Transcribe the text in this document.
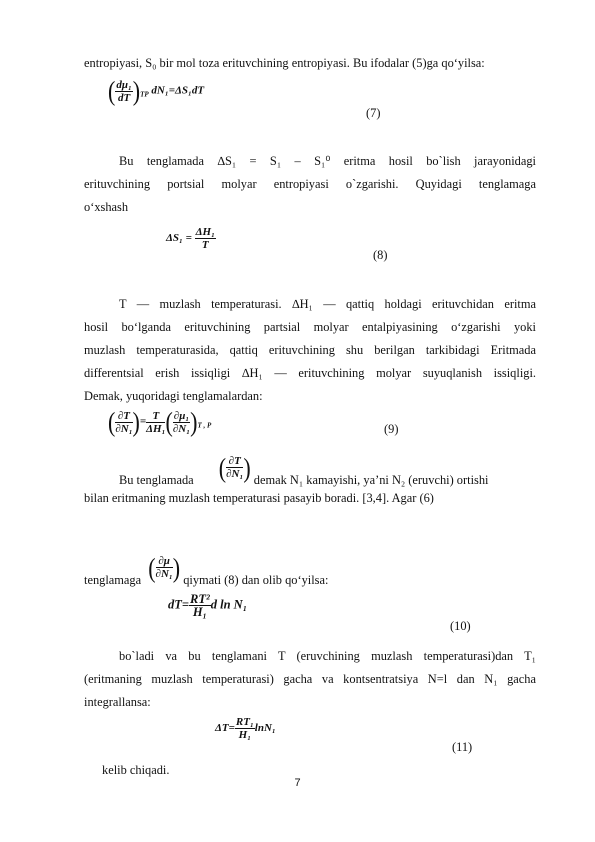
entropiyasi, S₀ bir mol toza erituvchining entropiyasi. Bu ifodalar (5)ga qo‘yilsa:
( $\frac{\text{dμ₁}}{dT} )_{TP}$ dN₁=ΔS₁dT
(7)
Bu tenglamada ∆S₁ = S₁ – S₁⁰ eritma hosil bo`lish jarayonidagi
erituvchining portsial molyar entropiyasi o`zgarishi. Quyidagi tenglamaga
o‘xshash
$\Delta S_1 = \frac{\text{ΔH₁}}{T}$
(8)
T — muzlash temperaturasi. ∆H₁ — qattiq holdagi erituvchidan eritma
hosil bo‘lganda erituvchining partsial molyar entalpiyasining o‘zgarishi yoki
muzlash temperaturasida, qattiq erituvchining shu berilgan tarkibidagi Eritmada
differentsial erish issiqligi ∆H₁ — erituvchining molyar suyuqlanish issiqligi.
Demak, yuqoridagi tenglamalardan:
( $\frac{\partial T}{\text{∂N₁}}$ )= $\frac{T}{\text{ΔH₁}}$ ( $\frac{\text{∂μ₁}}{\text{∂N₁}} )_{T , P}$	(9)
Bu tenglamada ( $\frac{\partial T}{\text{∂N₁}}$ ) demak N₁ kamayishi, ya’ni N₂ (eruvchi) ortishi
bilan eritmaning muzlash temperaturasi pasayib boradi. [3,4]. Agar (6)
tenglamaga ( $\frac{\partial\mu}{\text{∂N₁}}$ ) qiymati (8) dan olib qo‘yilsa:
$dT= \frac{\text{RT²}}{\text{H₁}}$ d ln N₁
(10)
bo`ladi va bu tenglamani T (eruvchining muzlash temperaturasi)dan T₁
(eritmaning muzlash temperaturasi) gacha va kontsentratsiya N=l dan N₁ gacha
integrallansa:
$\Delta T= \frac{\text{RT₁}}{\text{H₁}} \ln N_1$
(11)
kelib chiqadi.
7
